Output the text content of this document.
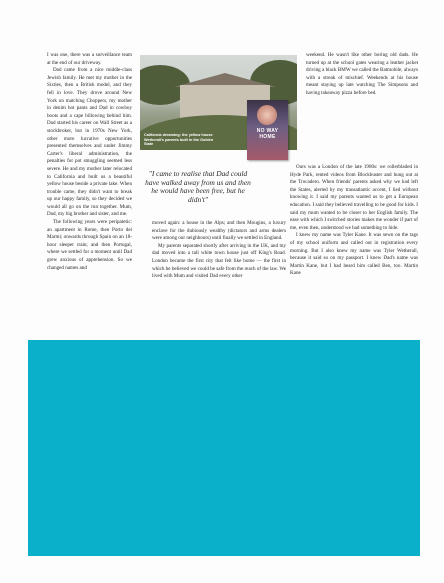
I was one, there was a surveillance team at the end of our driveway.

Dad came from a nice middle-class Jewish family. He met my mother in the Sixties, then a British model, and they fell in love. They drove around New York on matching Choppers, my mother in denim hot pants and Dad in cowboy boots and a cape billowing behind him. Dad started his career on Wall Street as a stockbroker, but in 1970s New York, other more lucrative opportunities presented themselves and under Jimmy Carter's liberal administration, the penalties for pot smuggling seemed less severe. He and my mother later relocated to California and built us a beautiful yellow house beside a private lake. When trouble came, they didn't want to break up our happy family, so they decided we would all go on the run together. Mum, Dad, my big brother and sister, and me.

The following years were peripatetic: an apartment in Rome, then Porto dei Marmi; onwards through Spain on an 18-hour sleeper train; and then Portugal, where we settled for a moment until Dad grew anxious of apprehension. So we changed names and

California dreaming: the yellow house Wetherall's parents built in the Golden State
NO WAY HOME
"I came to realise that Dad could have walked away from us and then he would have been free, but he didn't"

weekend. He wasn't like other boring old dads. He turned up at the school gates wearing a leather jacket driving a black BMW we called the Batmobile, always with a streak of mischief. Weekends at his house meant staying up late watching The Simpsons and having takeaway pizza before bed.

Ours was a London of the late 1980s: we rollerbladed in Hyde Park, rented videos from Blockbuster and hung out at the Trocadero. When friends' parents asked why we had left the States, alerted by my transatlantic accent, I lied without knowing it. I said my parents wanted us to get a European education. I said they believed travelling to be good for kids. I said my mum wanted to be closer to her English family. The ease with which I switched stories makes me wonder if part of me, even then, understood we had something to hide.

I knew my name was Tyler Kane. It was sewn on the tags of my school uniform and called out in registration every morning. But I also knew my name was Tyler Wetherall, because it said so on my passport. I knew Dad's name was Martin Kane, but I had heard him called Ben, too. Martin Kane

moved again: a house in the Alps; and then Mougins, a luxury enclave for the dubiously wealthy (dictators and arms dealers were among our neighbours) until finally we settled in England.

My parents separated shortly after arriving in the UK, and my dad moved into a tall white town house just off King's Road. London became the first city that felt like home — the first in which he believed we could be safe from the reach of the law. We lived with Mum and visited Dad every other
